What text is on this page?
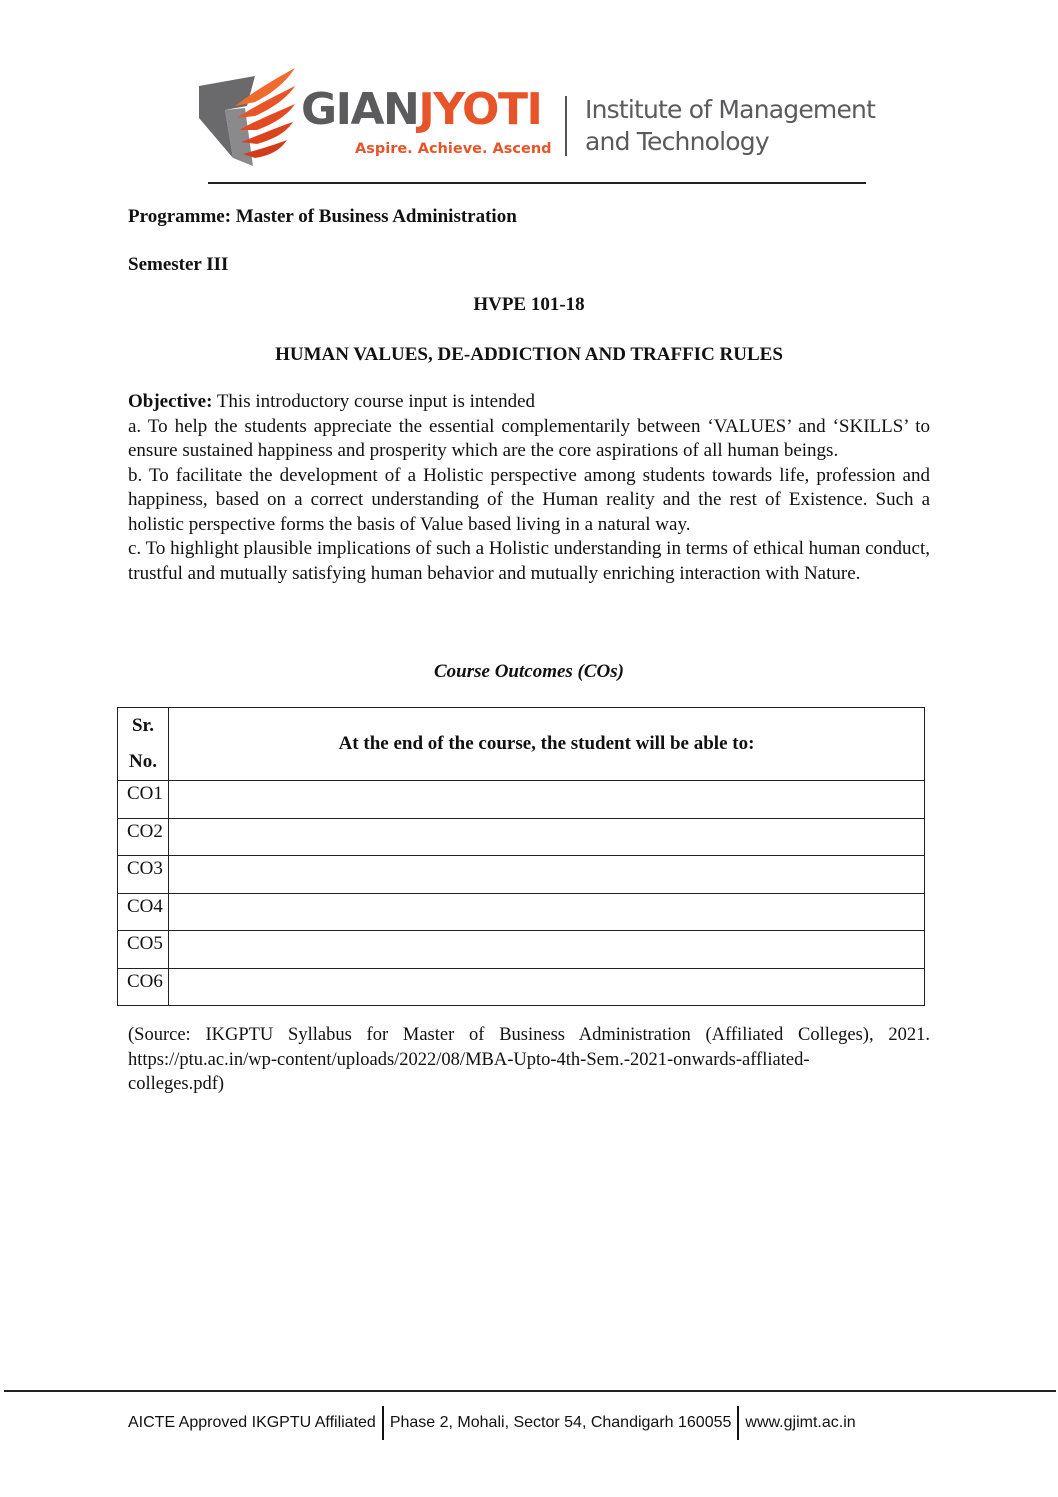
GIANJYOTI
Aspire. Achieve. Ascend
Institute of Management
and Technology
Programme: Master of Business Administration
Semester III
HVPE 101-18
HUMAN VALUES, DE-ADDICTION AND TRAFFIC RULES

Objective: This introductory course input is intended

a. To help the students appreciate the essential complementarily between ‘VALUES’ and ‘SKILLS’ to ensure sustained happiness and prosperity which are the core aspirations of all human beings.

b. To facilitate the development of a Holistic perspective among students towards life, profession and happiness, based on a correct understanding of the Human reality and the rest of Existence. Such a holistic perspective forms the basis of Value based living in a natural way.

c. To highlight plausible implications of such a Holistic understanding in terms of ethical human conduct, trustful and mutually satisfying human behavior and mutually enriching interaction with Nature.

Course Outcomes (COs)
Sr.
No.	At the end of the course, the student will be able to:
CO1	
CO2	
CO3	
CO4	
CO5	
CO6	
(Source: IKGPTU Syllabus for Master of Business Administration (Affiliated Colleges), 2021.
https://ptu.ac.in/wp-content/uploads/2022/08/MBA-Upto-4th-Sem.-2021-onwards-affliated-
colleges.pdf)
AICTE Approved IKGPTU Affiliated Phase 2, Mohali, Sector 54, Chandigarh 160055 www.gjimt.ac.in
